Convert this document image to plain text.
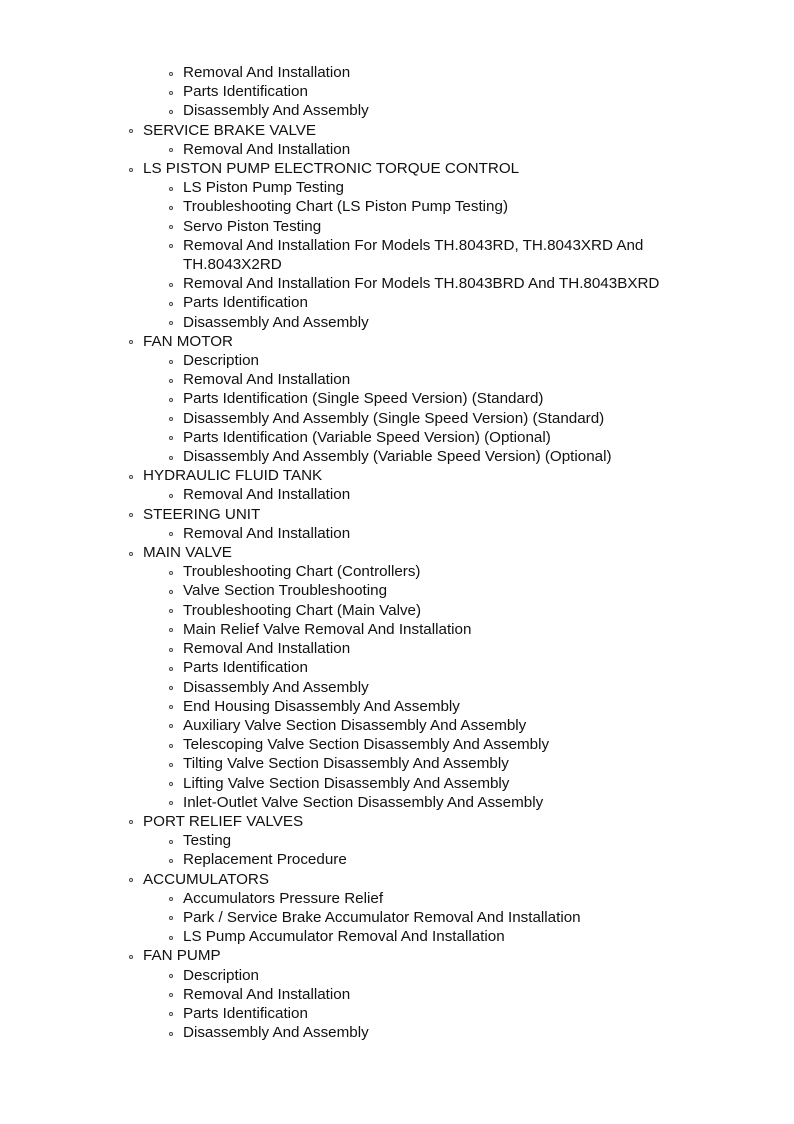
Removal And Installation
Parts Identification
Disassembly And Assembly
SERVICE BRAKE VALVE
Removal And Installation
LS PISTON PUMP ELECTRONIC TORQUE CONTROL
LS Piston Pump Testing
Troubleshooting Chart (LS Piston Pump Testing)
Servo Piston Testing
Removal And Installation For Models TH.8043RD, TH.8043XRD And TH.8043X2RD
Removal And Installation For Models TH.8043BRD And TH.8043BXRD
Parts Identification
Disassembly And Assembly
FAN MOTOR
Description
Removal And Installation
Parts Identification (Single Speed Version) (Standard)
Disassembly And Assembly (Single Speed Version) (Standard)
Parts Identification (Variable Speed Version) (Optional)
Disassembly And Assembly (Variable Speed Version) (Optional)
HYDRAULIC FLUID TANK
Removal And Installation
STEERING UNIT
Removal And Installation
MAIN VALVE
Troubleshooting Chart (Controllers)
Valve Section Troubleshooting
Troubleshooting Chart (Main Valve)
Main Relief Valve Removal And Installation
Removal And Installation
Parts Identification
Disassembly And Assembly
End Housing Disassembly And Assembly
Auxiliary Valve Section Disassembly And Assembly
Telescoping Valve Section Disassembly And Assembly
Tilting Valve Section Disassembly And Assembly
Lifting Valve Section Disassembly And Assembly
Inlet-Outlet Valve Section Disassembly And Assembly
PORT RELIEF VALVES
Testing
Replacement Procedure
ACCUMULATORS
Accumulators Pressure Relief
Park / Service Brake Accumulator Removal And Installation
LS Pump Accumulator Removal And Installation
FAN PUMP
Description
Removal And Installation
Parts Identification
Disassembly And Assembly
